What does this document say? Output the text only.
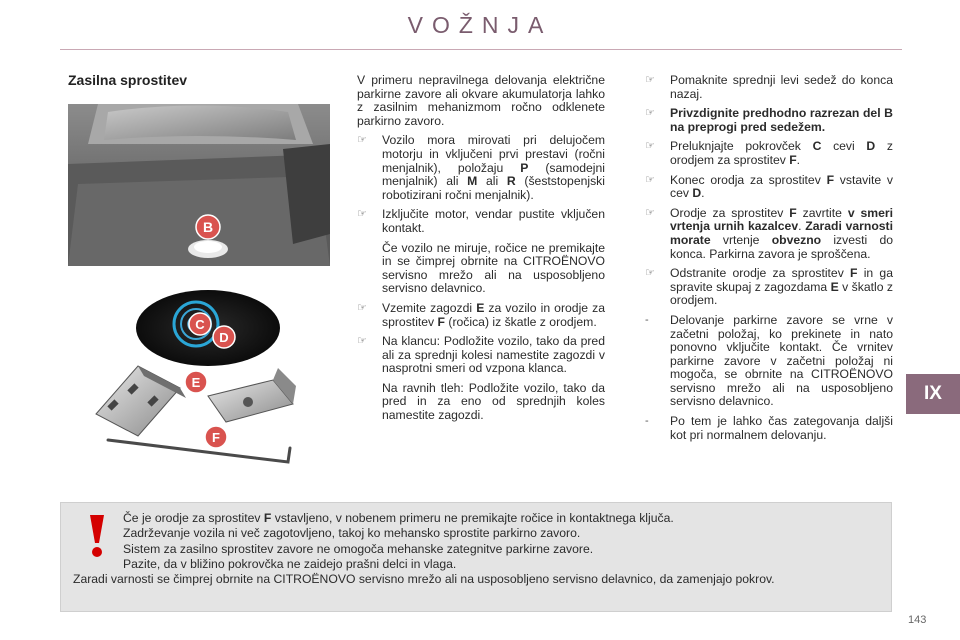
VOŽNJA
Zasilna sprostitev
B
C
D
E
F
V primeru nepravilnega delovanja električne parkirne zavore ali okvare akumulatorja lahko z zasilnim mehanizmom ročno odklenete parkirno zavoro.
☞	Vozilo mora mirovati pri delujočem motorju in vključeni prvi prestavi (ročni menjalnik), položaju P (samodejni menjalnik) ali M ali R (šeststopenjski robotizirani ročni menjalnik).
☞	Izključite motor, vendar pustite vključen kontakt.
Če vozilo ne miruje, ročice ne premikajte in se čimprej obrnite na CITROËNOVO servisno mrežo ali na usposobljeno servisno delavnico.
☞	Vzemite zagozdi E za vozilo in orodje za sprostitev F (ročica) iz škatle z orodjem.
☞	Na klancu: Podložite vozilo, tako da pred ali za sprednji kolesi namestite zagozdi v nasprotni smeri od vzpona klanca.
Na ravnih tleh: Podložite vozilo, tako da pred in za eno od sprednjih koles namestite zagozdi.
☞	Pomaknite sprednji levi sedež do konca nazaj.
☞	Privzdignite predhodno razrezan del B na preprogi pred sedežem.
☞	Preluknjajte pokrovček C cevi D z orodjem za sprostitev F.
☞	Konec orodja za sprostitev F vstavite v cev D.
☞	Orodje za sprostitev F zavrtite v smeri vrtenja urnih kazalcev. Zaradi varnosti morate vrtenje obvezno izvesti do konca. Parkirna zavora je sproščena.
☞	Odstranite orodje za sprostitev F in ga spravite skupaj z zagozdama E v škatlo z orodjem.
-	Delovanje parkirne zavore se vrne v začetni položaj, ko prekinete in nato ponovno vključite kontakt. Če vrnitev parkirne zavore v začetni položaj ni mogoča, se obrnite na CITROËNOVO servisno mrežo ali na usposobljeno servisno delavnico.
-	Po tem je lahko čas zategovanja daljši kot pri normalnem delovanju.
IX
Če je orodje za sprostitev F vstavljeno, v nobenem primeru ne premikajte ročice in kontaktnega ključa.
Zadrževanje vozila ni več zagotovljeno, takoj ko mehansko sprostite parkirno zavoro.
Sistem za zasilno sprostitev zavore ne omogoča mehanske zategnitve parkirne zavore.
Pazite, da v bližino pokrovčka ne zaidejo prašni delci in vlaga.
Zaradi varnosti se čimprej obrnite na CITROËNOVO servisno mrežo ali na usposobljeno servisno delavnico, da zamenjajo pokrov.
143
